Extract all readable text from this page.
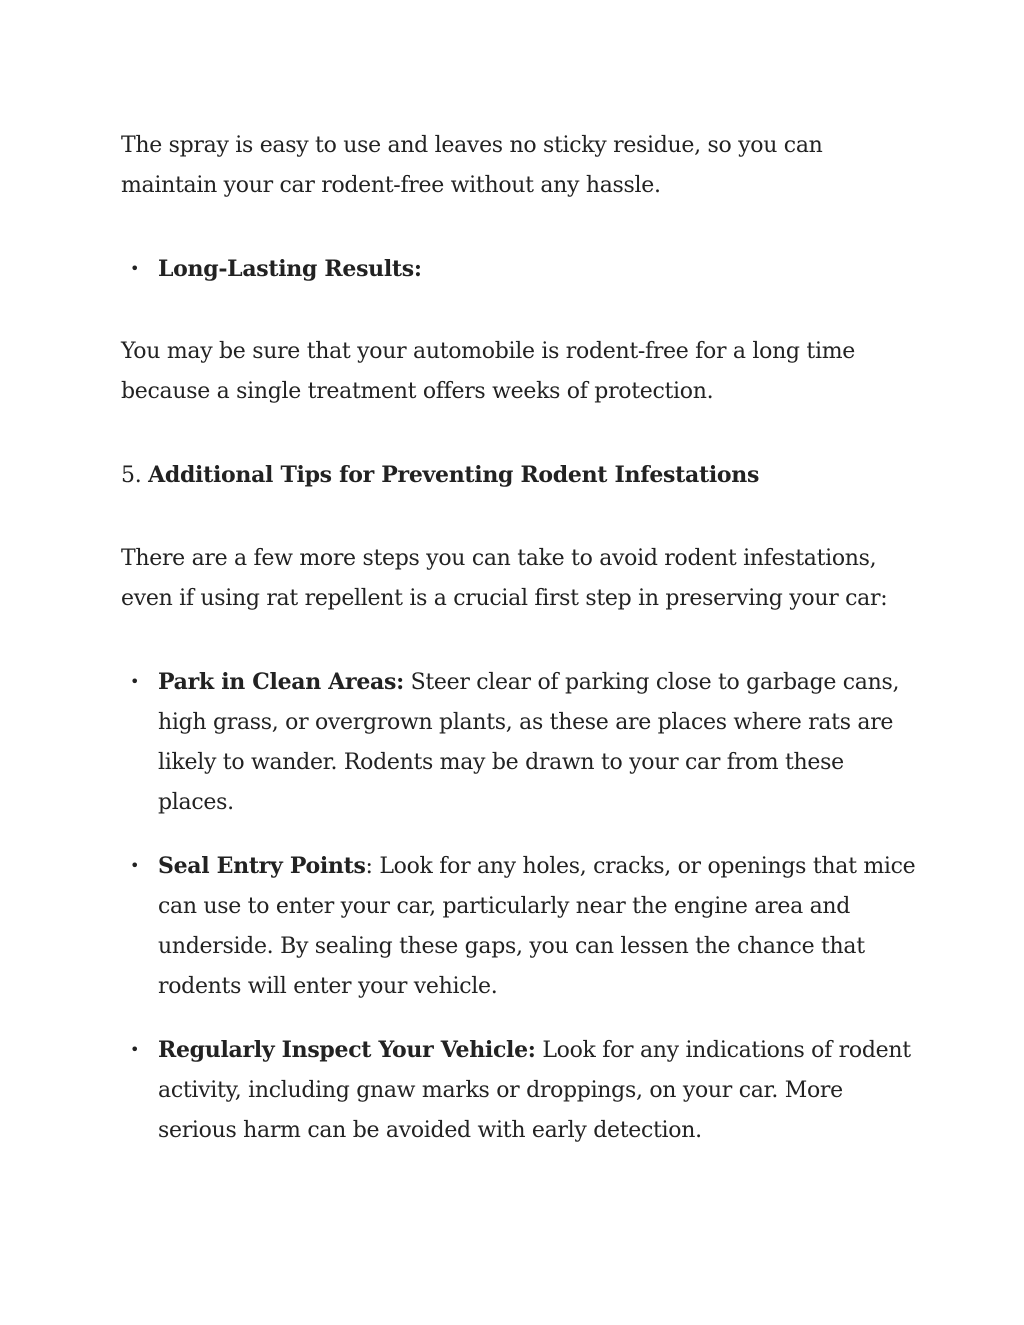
The spray is easy to use and leaves no sticky residue, so you can maintain your car rodent-free without any hassle.

• Long-Lasting Results:

You may be sure that your automobile is rodent-free for a long time because a single treatment offers weeks of protection.

5. Additional Tips for Preventing Rodent Infestations

There are a few more steps you can take to avoid rodent infestations, even if using rat repellent is a crucial first step in preserving your car:

• Park in Clean Areas: Steer clear of parking close to garbage cans, high grass, or overgrown plants, as these are places where rats are likely to wander. Rodents may be drawn to your car from these places.
• Seal Entry Points: Look for any holes, cracks, or openings that mice can use to enter your car, particularly near the engine area and underside. By sealing these gaps, you can lessen the chance that rodents will enter your vehicle.
• Regularly Inspect Your Vehicle: Look for any indications of rodent activity, including gnaw marks or droppings, on your car. More serious harm can be avoided with early detection.
